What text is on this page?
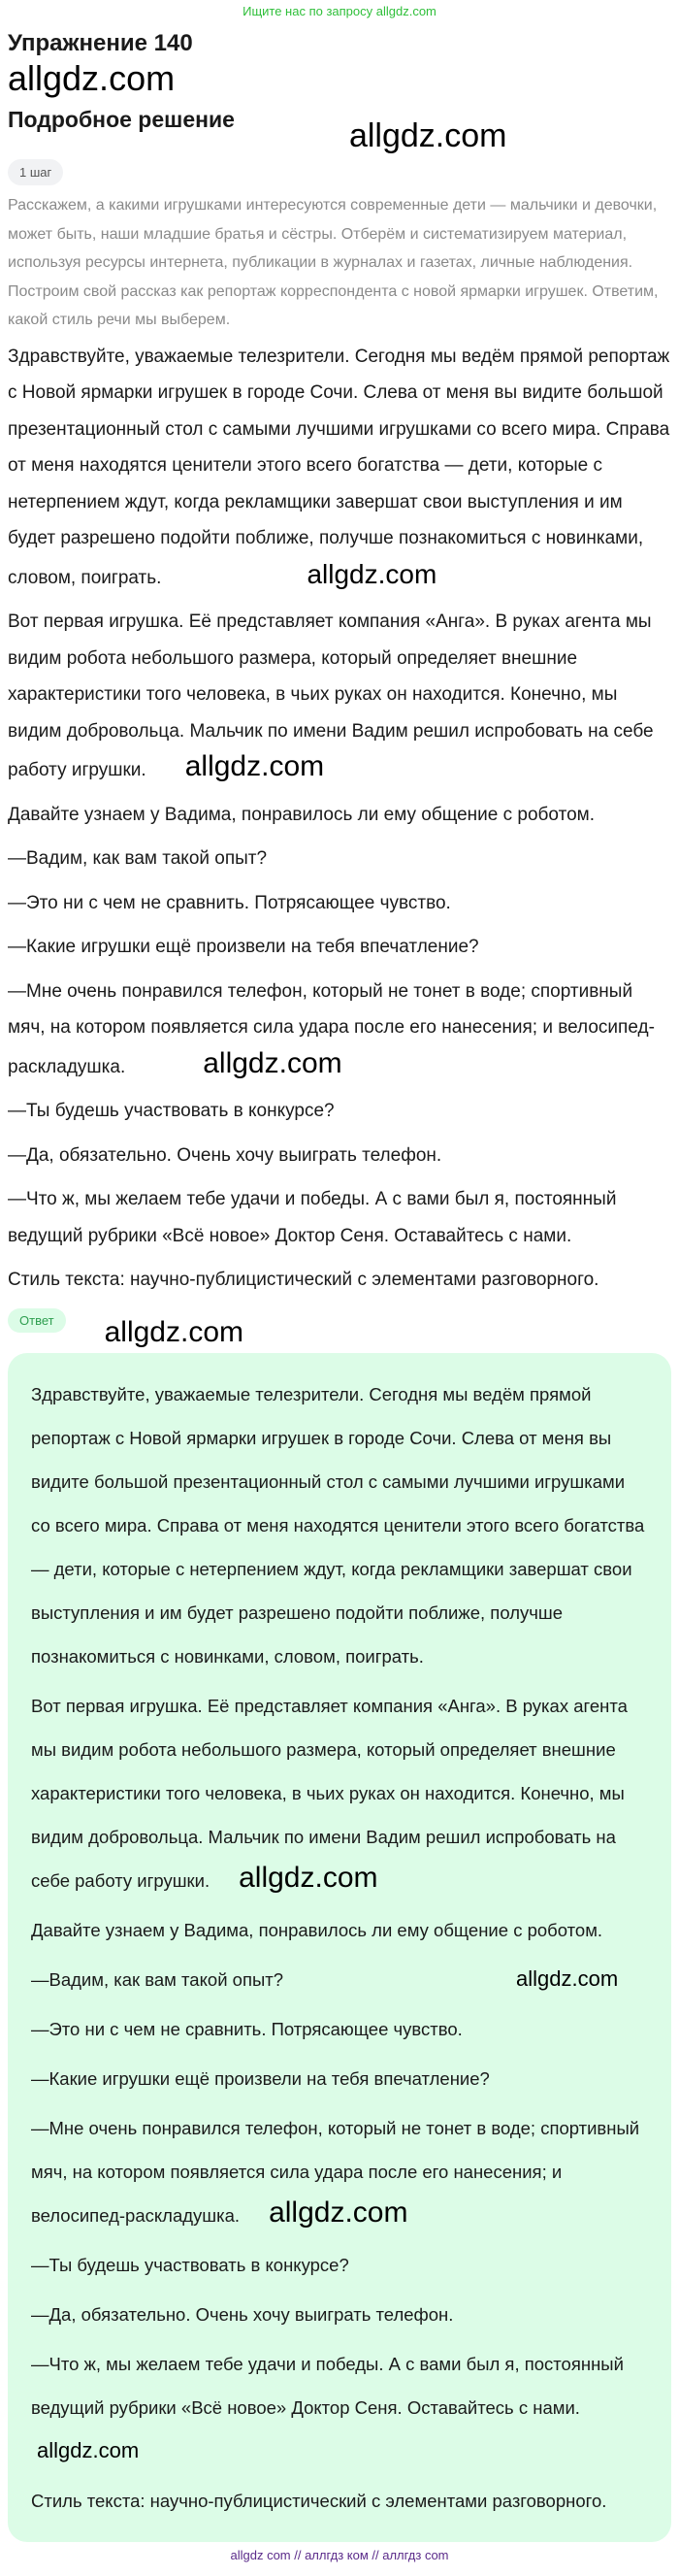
Ищите нас по запросу allgdz.com
Упражнение 140
allgdz.com
Подробное решение	allgdz.com
1 шаг

Расскажем, а какими игрушками интересуются современные дети — мальчики и девочки, может быть, наши младшие братья и сёстры. Отберём и систематизируем материал, используя ресурсы интернета, публикации в журналах и газетах, личные наблюдения. Построим свой рассказ как репортаж корреспондента с новой ярмарки игрушек. Ответим, какой стиль речи мы выберем.

Здравствуйте, уважаемые телезрители. Сегодня мы ведём прямой репортаж с Новой ярмарки игрушек в городе Сочи. Слева от меня вы видите большой презентационный стол с самыми лучшими игрушками со всего мира. Справа от меня находятся ценители этого всего богатства — дети, которые с нетерпением ждут, когда рекламщики завершат свои выступления и им будет разрешено подойти поближе, получше познакомиться с новинками, словом, поиграть.	allgdz.com

Вот первая игрушка. Её представляет компания «Анга». В руках агента мы видим робота небольшого размера, который определяет внешние характеристики того человека, в чьих руках он находится. Конечно, мы видим добровольца. Мальчик по имени Вадим решил испробовать на себе работу игрушки. allgdz.com

Давайте узнаем у Вадима, понравилось ли ему общение с роботом.

—Вадим, как вам такой опыт?

—Это ни с чем не сравнить. Потрясающее чувство.

—Какие игрушки ещё произвели на тебя впечатление?

—Мне очень понравился телефон, который не тонет в воде; спортивный мяч, на котором появляется сила удара после его нанесения; и велосипед-раскладушка.	allgdz.com

—Ты будешь участвовать в конкурсе?

—Да, обязательно. Очень хочу выиграть телефон.

—Что ж, мы желаем тебе удачи и победы. А с вами был я, постоянный ведущий рубрики «Всё новое» Доктор Сеня. Оставайтесь с нами.

Стиль текста: научно-публицистический с элементами разговорного.

Ответ	allgdz.com

Здравствуйте, уважаемые телезрители. Сегодня мы ведём прямой репортаж с Новой ярмарки игрушек в городе Сочи. Слева от меня вы видите большой презентационный стол с самыми лучшими игрушками со всего мира. Справа от меня находятся ценители этого всего богатства — дети, которые с нетерпением ждут, когда рекламщики завершат свои выступления и им будет разрешено подойти поближе, получше познакомиться с новинками, словом, поиграть.

Вот первая игрушка. Её представляет компания «Анга». В руках агента мы видим робота небольшого размера, который определяет внешние характеристики того человека, в чьих руках он находится. Конечно, мы видим добровольца. Мальчик по имени Вадим решил испробовать на себе работу игрушки. allgdz.com

Давайте узнаем у Вадима, понравилось ли ему общение с роботом.

—Вадим, как вам такой опыт?	allgdz.com

—Это ни с чем не сравнить. Потрясающее чувство.

—Какие игрушки ещё произвели на тебя впечатление?

—Мне очень понравился телефон, который не тонет в воде; спортивный мяч, на котором появляется сила удара после его нанесения; и велосипед-раскладушка. allgdz.com

—Ты будешь участвовать в конкурсе?

—Да, обязательно. Очень хочу выиграть телефон.

—Что ж, мы желаем тебе удачи и победы. А с вами был я, постоянный ведущий рубрики «Всё новое» Доктор Сеня. Оставайтесь с нами.allgdz.com

Стиль текста: научно-публицистический с элементами разговорного.

allgdz com // аллгдз ком // аллгдз com
